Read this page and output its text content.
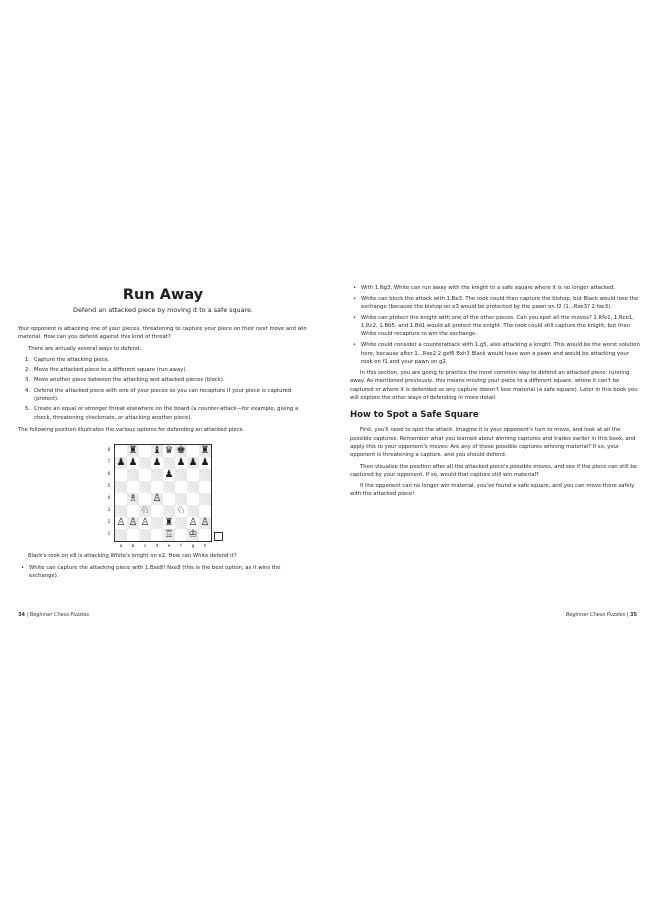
Run Away
Defend an attacked piece by moving it to a safe square.

Your opponent is attacking one of your pieces, threatening to capture your piece on their next move and win material. How can you defend against this kind of threat?

There are actually several ways to defend:

1. Capture the attacking piece.
2. Move the attacked piece to a different square (run away).
3. Move another piece between the attacking and attacked pieces (block).
4. Defend the attacked piece with one of your pieces so you can recapture if your piece is captured (protect).
5. Create an equal or stronger threat elsewhere on the board (a counter-attack—for example, giving a check, threatening checkmate, or attacking another piece).

The following position illustrates the various options for defending an attacked piece.

8
7
6
5
4
3
2
1
♜ ♝ ♛ ♚ ♜
♟ ♟ ♟ ♟ ♟ ♟
♟
♗ ♙
♘	♘
♙ ♙ ♙ ♜ ♙ ♙
♖ ♔
a	b	c	d	e	f	g	h

Black's rook on e8 is attacking White's knight on e2. How can White defend it?

• White can capture the attacking piece with 1.Bxe8! Nxe8 (this is the best option, as it wins the exchange).
34 | Beginner Chess Puzzles
• With 1.Ng3, White can run away with the knight to a safe square where it is no longer attacked.
• White can block the attack with 1.Be3. The rook could then capture the bishop, but Black would lose the exchange (because the bishop on e3 would be protected by the pawn on f2 (1...Rxe3? 2.fxe3).
• White can protect the knight with one of the other pieces. Can you spot all the moves? 1.Rfe1, 1.Rce1, 1.Rc2, 1.Bb5, and 1.Bd1 would all protect the knight. The rook could still capture the knight, but then White could recapture to win the exchange.
• White could consider a counterattack with 1.g5, also attacking a knight. This would be the worst solution here, because after 1...Rxe2 2.gxf6 Bxh3 Black would have won a pawn and would be attacking your rook on f1 and your pawn on g2.

In this section, you are going to practice the most common way to defend an attacked piece: running away. As mentioned previously, this means moving your piece to a different square, where it can't be captured or where it is defended so any capture doesn't lose material (a safe square). Later in this book you will explore the other ways of defending in more detail.

How to Spot a Safe Square

First, you'll need to spot the attack. Imagine it is your opponent's turn to move, and look at all the possible captures. Remember what you learned about winning captures and trades earlier in this book, and apply this to your opponent's moves: Are any of these possible captures winning material? If so, your opponent is threatening a capture, and you should defend.

Then visualize the position after all the attacked piece's possible moves, and see if the piece can still be captured by your opponent. If so, would that capture still win material?

If the opponent can no longer win material, you've found a safe square, and you can move there safely with the attacked piece!

Beginner Chess Puzzles | 35
